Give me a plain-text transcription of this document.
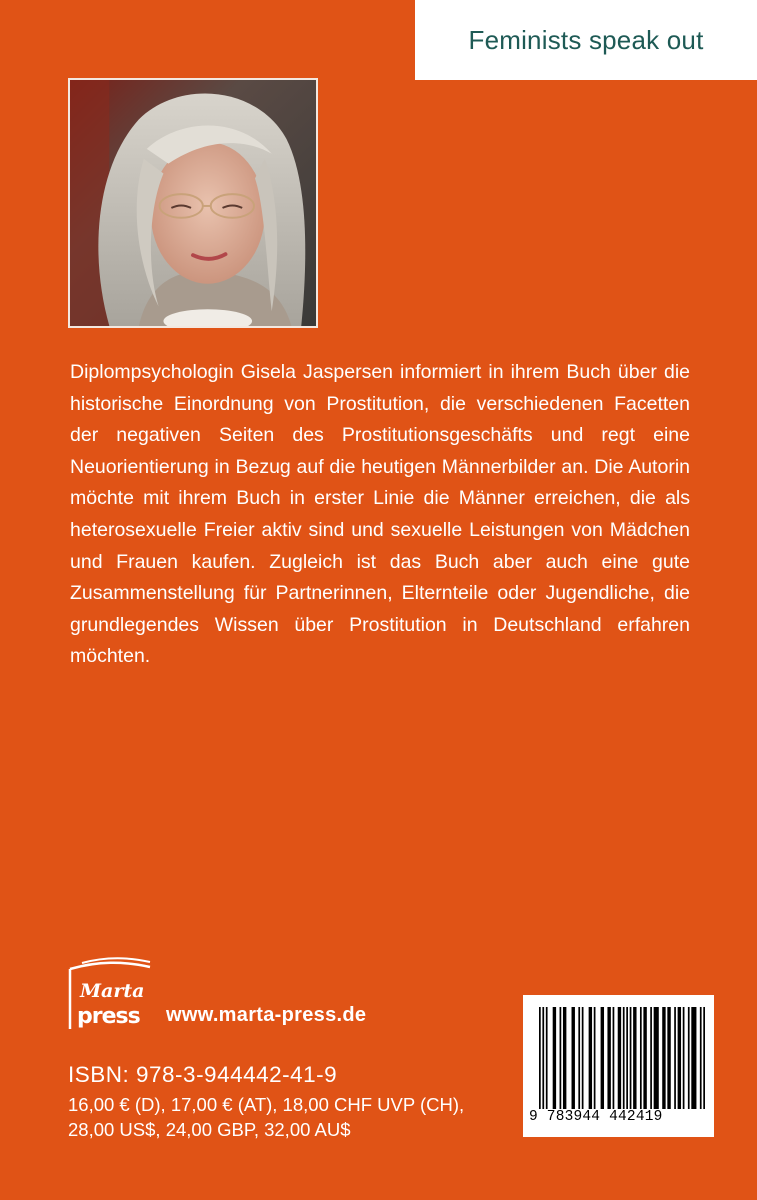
Feminists speak out

Diplompsychologin Gisela Jaspersen informiert in ihrem Buch über die historische Einordnung von Prostitution, die verschiedenen Facetten der negativen Seiten des Prostitutionsgeschäfts und regt eine Neuorientierung in Bezug auf die heutigen Männerbilder an. Die Autorin möchte mit ihrem Buch in erster Linie die Männer erreichen, die als heterosexuelle Freier aktiv sind und sexuelle Leistungen von Mädchen und Frauen kaufen. Zugleich ist das Buch aber auch eine gute Zusammenstellung für Partnerinnen, Elternteile oder Jugendliche, die grundlegendes Wissen über Prostitution in Deutschland erfahren möchten.

Marta
press www.marta-press.de
ISBN: 978-3-944442-41-9

16,00 € (D), 17,00 € (AT), 18,00 CHF UVP (CH),
28,00 US$, 24,00 GBP, 32,00 AU$

9 783944 442419
